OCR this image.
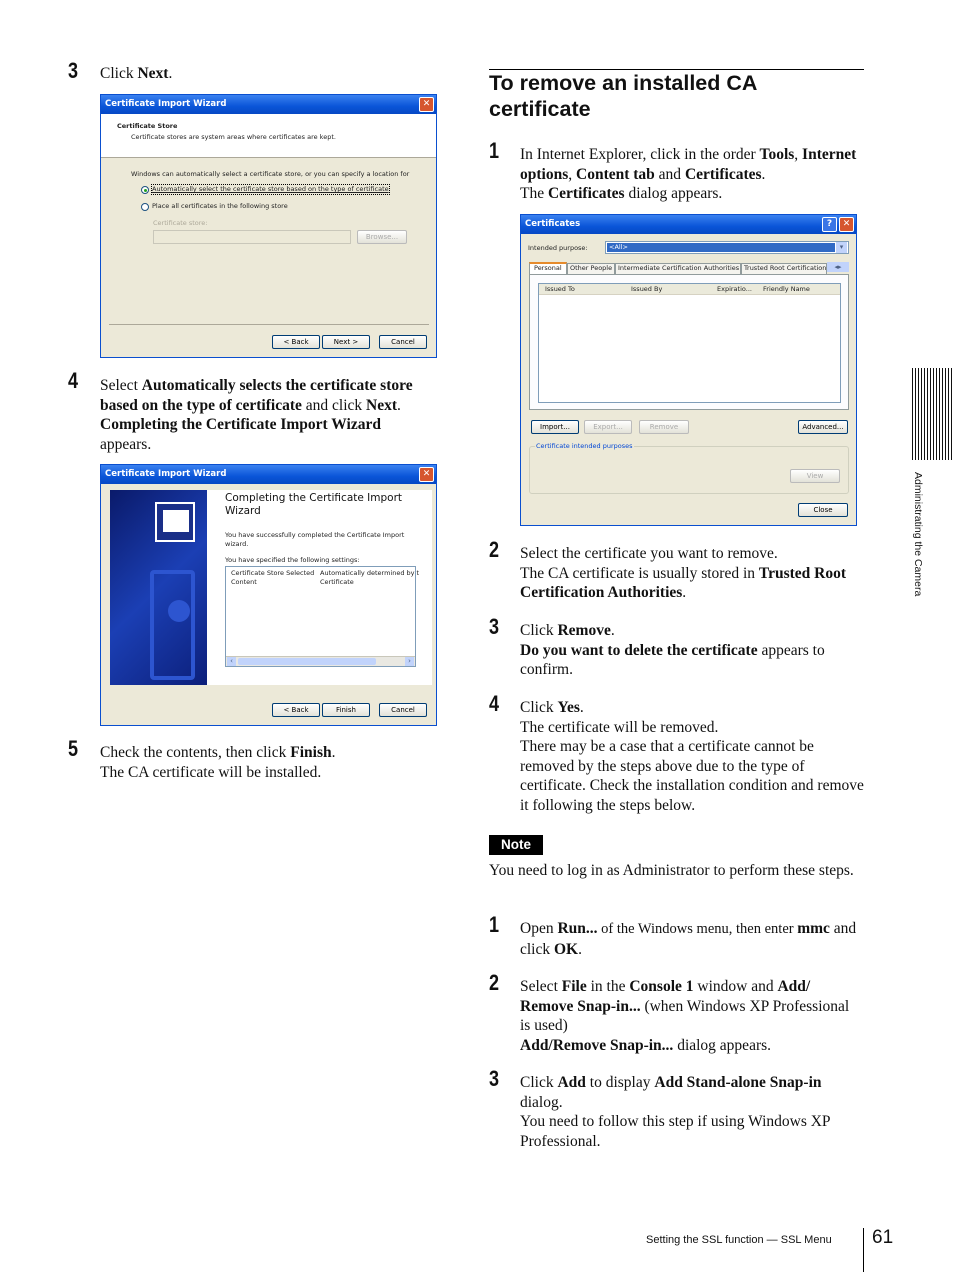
3 Click Next.
Certificate Import Wizard	✕
Certificate Store
Certificate stores are system areas where certificates are kept.
Windows can automatically select a certificate store, or you can specify a location for
Automatically select the certificate store based on the type of certificate
Place all certificates in the following store
Certificate store:
Browse...
< Back	Next >	Cancel
4 Select Automatically selects the certificate store based on the type of certificate and click Next.
Completing the Certificate Import Wizard
appears.
Certificate Import Wizard	✕
Completing the Certificate Import Wizard
You have successfully completed the Certificate Import wizard.
You have specified the following settings:
Certificate Store Selected Automatically determined by t
Content	Certificate
‹	›
< Back	Finish	Cancel
5 Check the contents, then click Finish.
The CA certificate will be installed.
To remove an installed CA certificate
1 In Internet Explorer, click in the order Tools, Internet options, Content tab and Certificates.
The Certificates dialog appears.
Certificates	?	✕
Intended purpose:	<All>	▾
Personal Other People Intermediate Certification Authorities Trusted Root Certification	◂▸
Issued To	Issued By	Expiratio... Friendly Name
Import...	Export...	Remove	Advanced...
Certificate intended purposes
View
Close
2 Select the certificate you want to remove.
The CA certificate is usually stored in Trusted Root Certification Authorities.
3 Click Remove.
Do you want to delete the certificate appears to confirm.
4 Click Yes.
The certificate will be removed.
There may be a case that a certificate cannot be removed by the steps above due to the type of certificate. Check the installation condition and remove it following the steps below.
Note
You need to log in as Administrator to perform these steps.
1 Open Run... of the Windows menu, then enter mmc and click OK.
2 Select File in the Console 1 window and Add/ Remove Snap-in... (when Windows XP Professional is used)
Add/Remove Snap-in... dialog appears.
3 Click Add to display Add Stand-alone Snap-in dialog.
You need to follow this step if using Windows XP Professional.
Administrating the Camera
Setting the SSL function — SSL Menu 61
